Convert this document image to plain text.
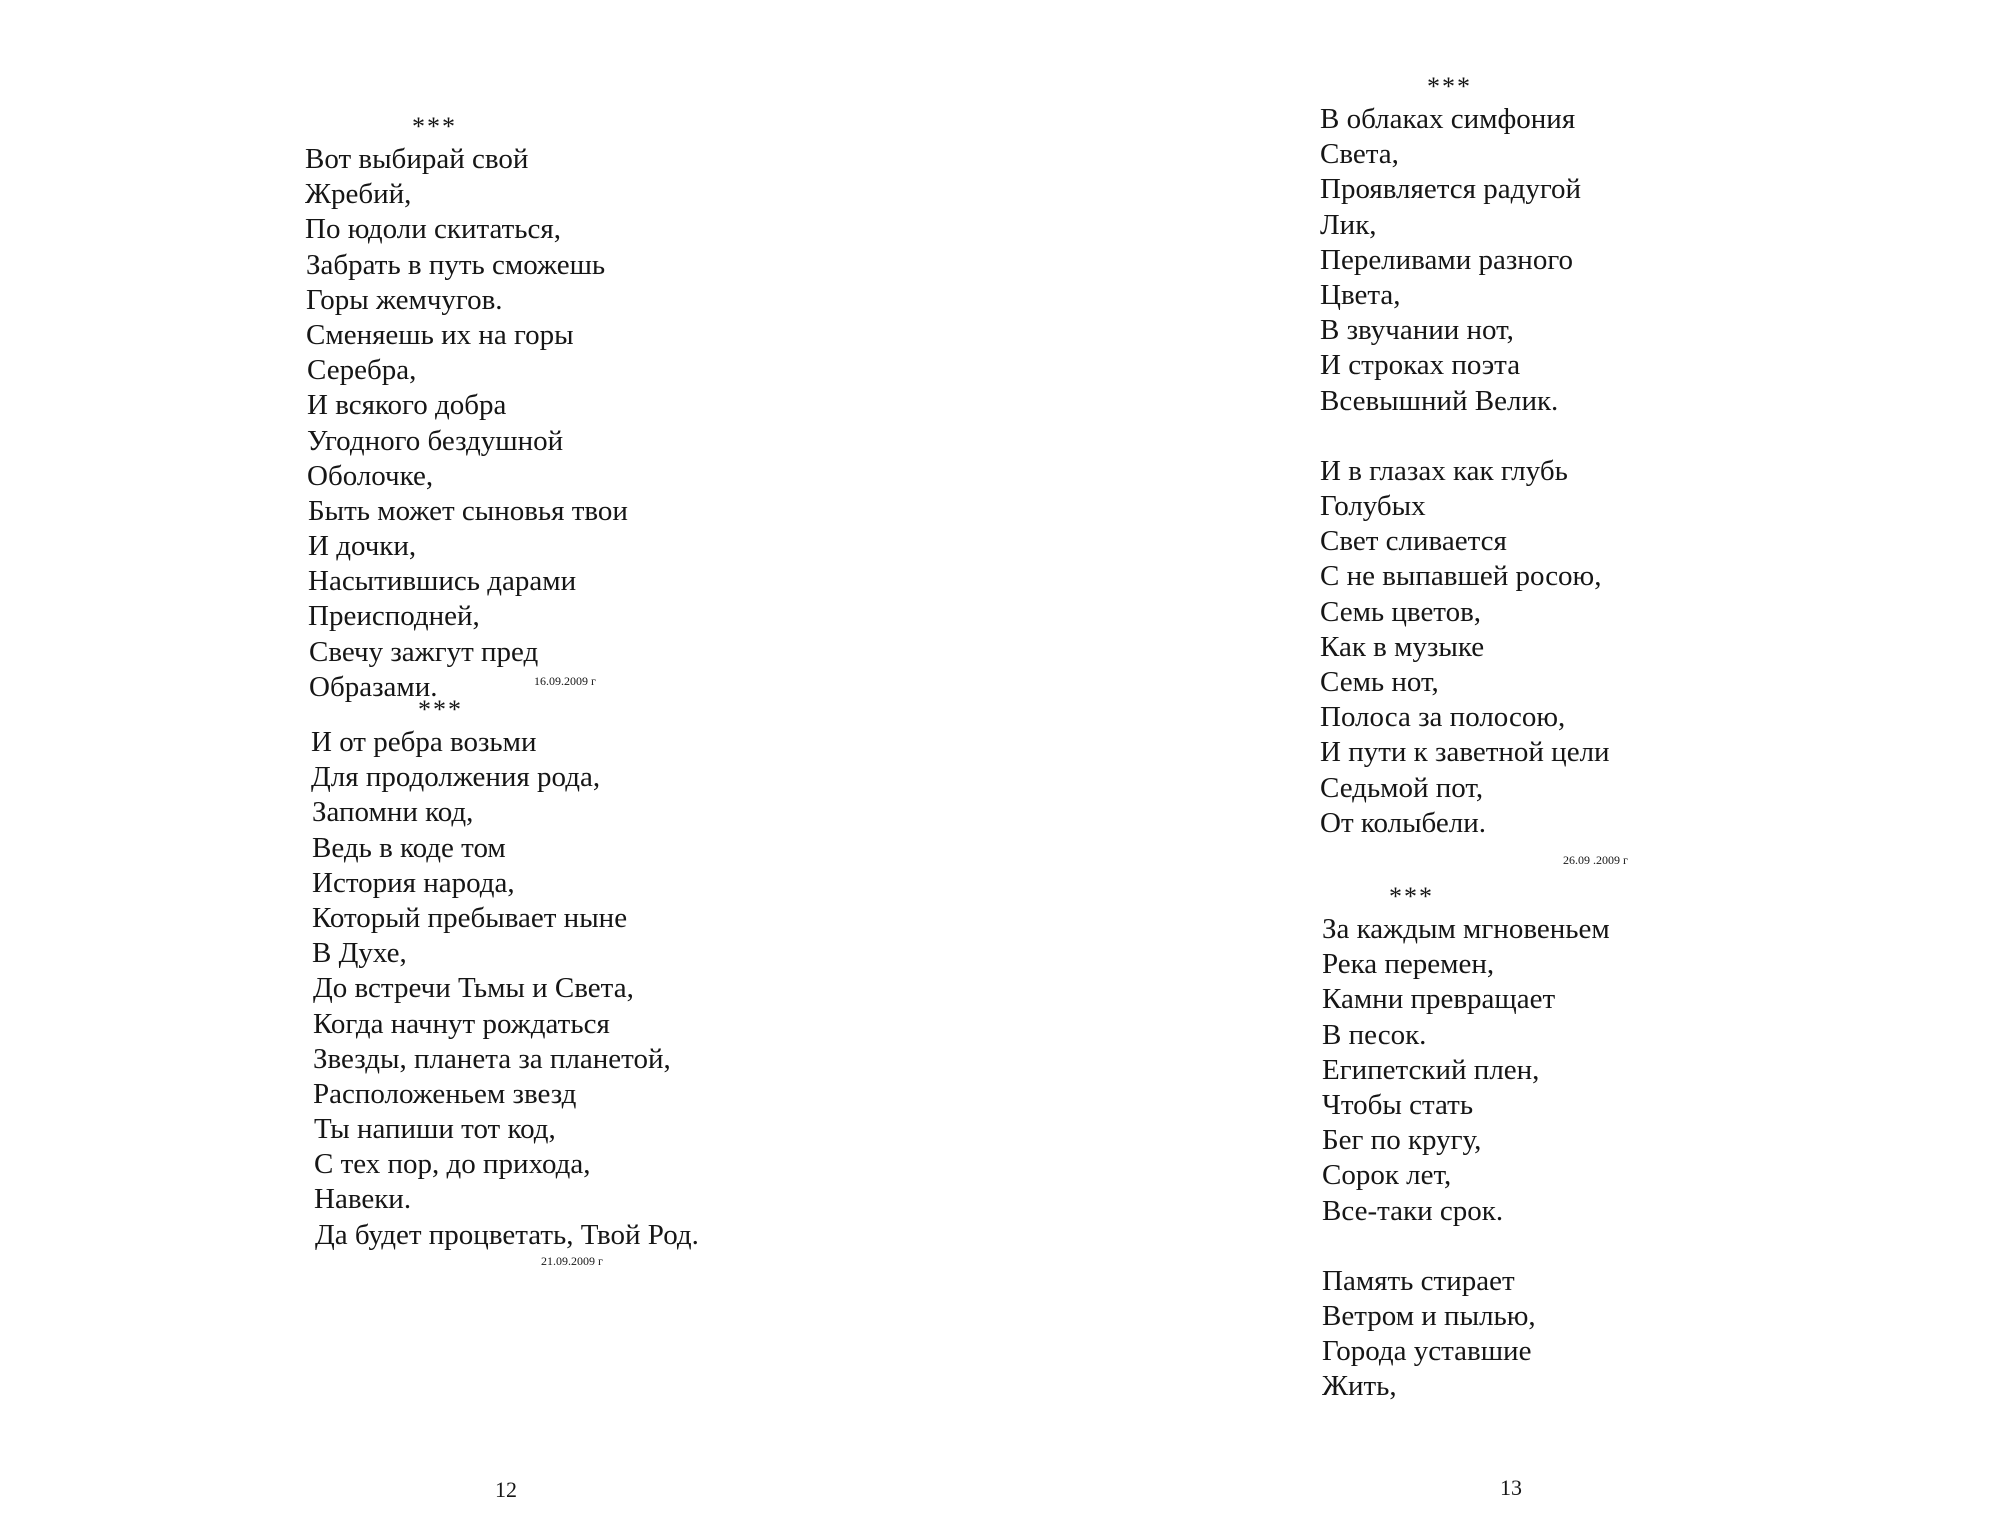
***
Вот выбирай свой
Жребий,
По юдоли скитаться,
Забрать в путь сможешь
Горы жемчугов.
Сменяешь их на горы
Серебра,
И всякого добра
Угодного бездушной
Оболочке,
Быть может сыновья твои
И дочки,
Насытившись дарами
Преисподней,
Свечу зажгут пред
Образами.	16.09.2009 г
***
И от ребра возьми
Для продолжения рода,
Запомни код,
Ведь в коде том
История народа,
Который пребывает ныне
В Духе,
До встречи Тьмы и Света,
Когда начнут рождаться
Звезды, планета за планетой,
Расположеньем звезд
Ты напиши тот код,
С тех пор, до прихода,
Навеки.
Да будет процветать, Твой Род.
21.09.2009 г
12
***
В облаках симфония
Света,
Проявляется радугой
Лик,
Переливами разного
Цвета,
В звучании нот,
И строках поэта
Всевышний Велик.
И в глазах как глубь
Голубых
Свет сливается
С не выпавшей росою,
Семь цветов,
Как в музыке
Семь нот,
Полоса за полосою,
И пути к заветной цели
Седьмой пот,
От колыбели.
26.09 .2009 г
***
За каждым мгновеньем
Река перемен,
Камни превращает
В песок.
Египетский плен,
Чтобы стать
Бег по кругу,
Сорок лет,
Все-таки срок.
Память стирает
Ветром и пылью,
Города уставшие
Жить,
13
